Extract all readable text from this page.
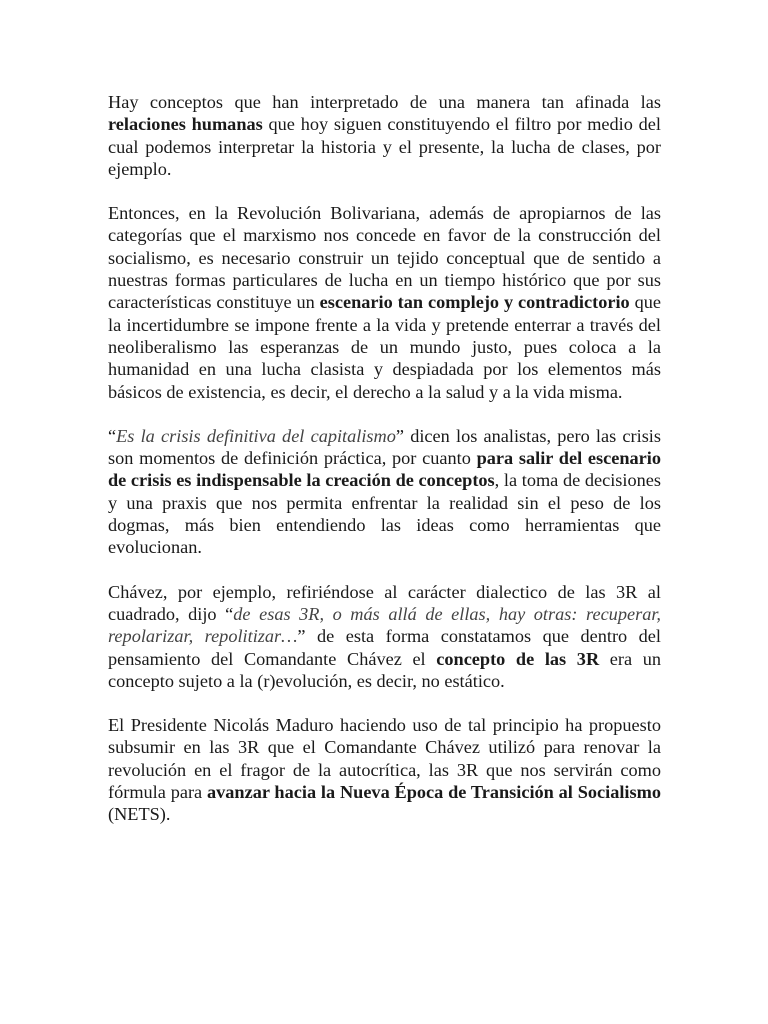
Hay conceptos que han interpretado de una manera tan afinada las relaciones humanas que hoy siguen constituyendo el filtro por medio del cual podemos interpretar la historia y el presente, la lucha de clases, por ejemplo.

Entonces, en la Revolución Bolivariana, además de apropiarnos de las categorías que el marxismo nos concede en favor de la construcción del socialismo, es necesario construir un tejido conceptual que de sentido a nuestras formas particulares de lucha en un tiempo histórico que por sus características constituye un escenario tan complejo y contradictorio que la incertidumbre se impone frente a la vida y pretende enterrar a través del neoliberalismo las esperanzas de un mundo justo, pues coloca a la humanidad en una lucha clasista y despiadada por los elementos más básicos de existencia, es decir, el derecho a la salud y a la vida misma.

“Es la crisis definitiva del capitalismo” dicen los analistas, pero las crisis son momentos de definición práctica, por cuanto para salir del escenario de crisis es indispensable la creación de conceptos, la toma de decisiones y una praxis que nos permita enfrentar la realidad sin el peso de los dogmas, más bien entendiendo las ideas como herramientas que evolucionan.

Chávez, por ejemplo, refiriéndose al carácter dialectico de las 3R al cuadrado, dijo “de esas 3R, o más allá de ellas, hay otras: recuperar, repolarizar, repolitizar…” de esta forma constatamos que dentro del pensamiento del Comandante Chávez el concepto de las 3R era un concepto sujeto a la (r)evolución, es decir, no estático.

El Presidente Nicolás Maduro haciendo uso de tal principio ha propuesto subsumir en las 3R que el Comandante Chávez utilizó para renovar la revolución en el fragor de la autocrítica, las 3R que nos servirán como fórmula para avanzar hacia la Nueva Época de Transición al Socialismo (NETS).
